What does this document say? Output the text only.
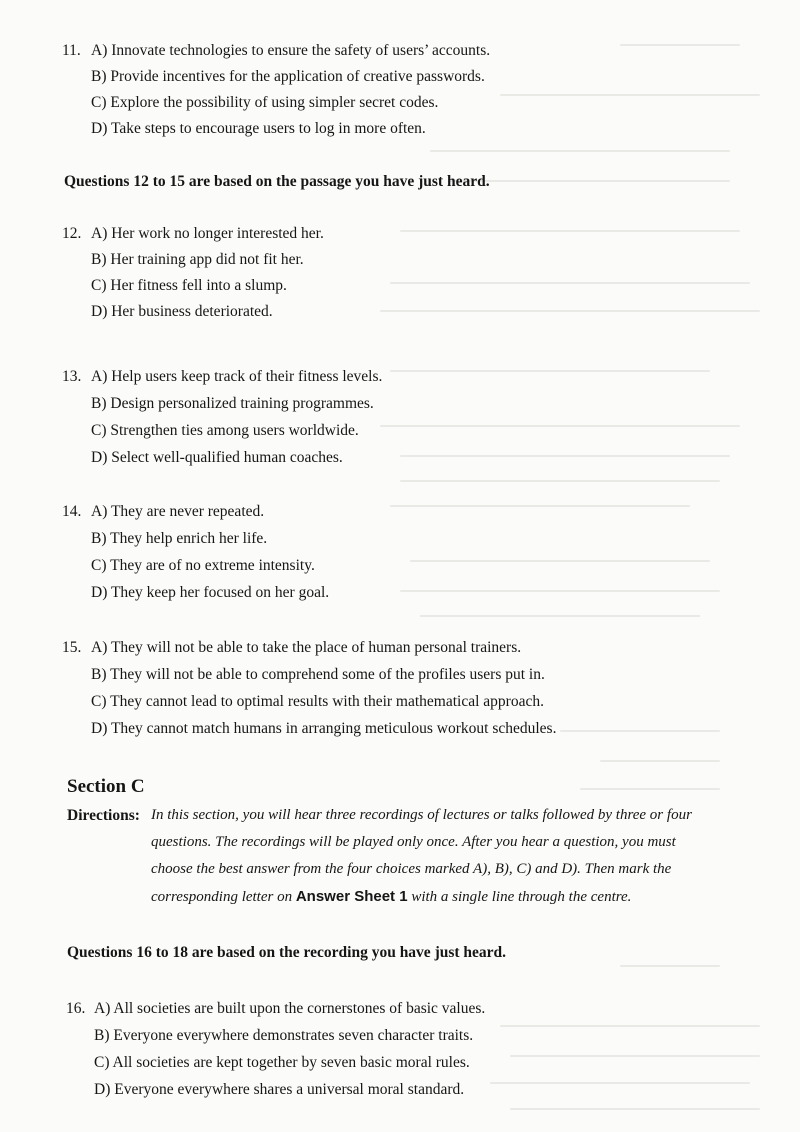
11. A) Innovate technologies to ensure the safety of users’ accounts.
B) Provide incentives for the application of creative passwords.
C) Explore the possibility of using simpler secret codes.
D) Take steps to encourage users to log in more often.
Questions 12 to 15 are based on the passage you have just heard.
12. A) Her work no longer interested her.
B) Her training app did not fit her.
C) Her fitness fell into a slump.
D) Her business deteriorated.
13. A) Help users keep track of their fitness levels.
B) Design personalized training programmes.
C) Strengthen ties among users worldwide.
D) Select well-qualified human coaches.
14. A) They are never repeated.
B) They help enrich her life.
C) They are of no extreme intensity.
D) They keep her focused on her goal.
15. A) They will not be able to take the place of human personal trainers.
B) They will not be able to comprehend some of the profiles users put in.
C) They cannot lead to optimal results with their mathematical approach.
D) They cannot match humans in arranging meticulous workout schedules.
Section C
Directions: In this section, you will hear three recordings of lectures or talks followed by three or four
questions. The recordings will be played only once. After you hear a question, you must
choose the best answer from the four choices marked A), B), C) and D). Then mark the
corresponding letter on Answer Sheet 1 with a single line through the centre.
Questions 16 to 18 are based on the recording you have just heard.
16. A) All societies are built upon the cornerstones of basic values.
B) Everyone everywhere demonstrates seven character traits.
C) All societies are kept together by seven basic moral rules.
D) Everyone everywhere shares a universal moral standard.
